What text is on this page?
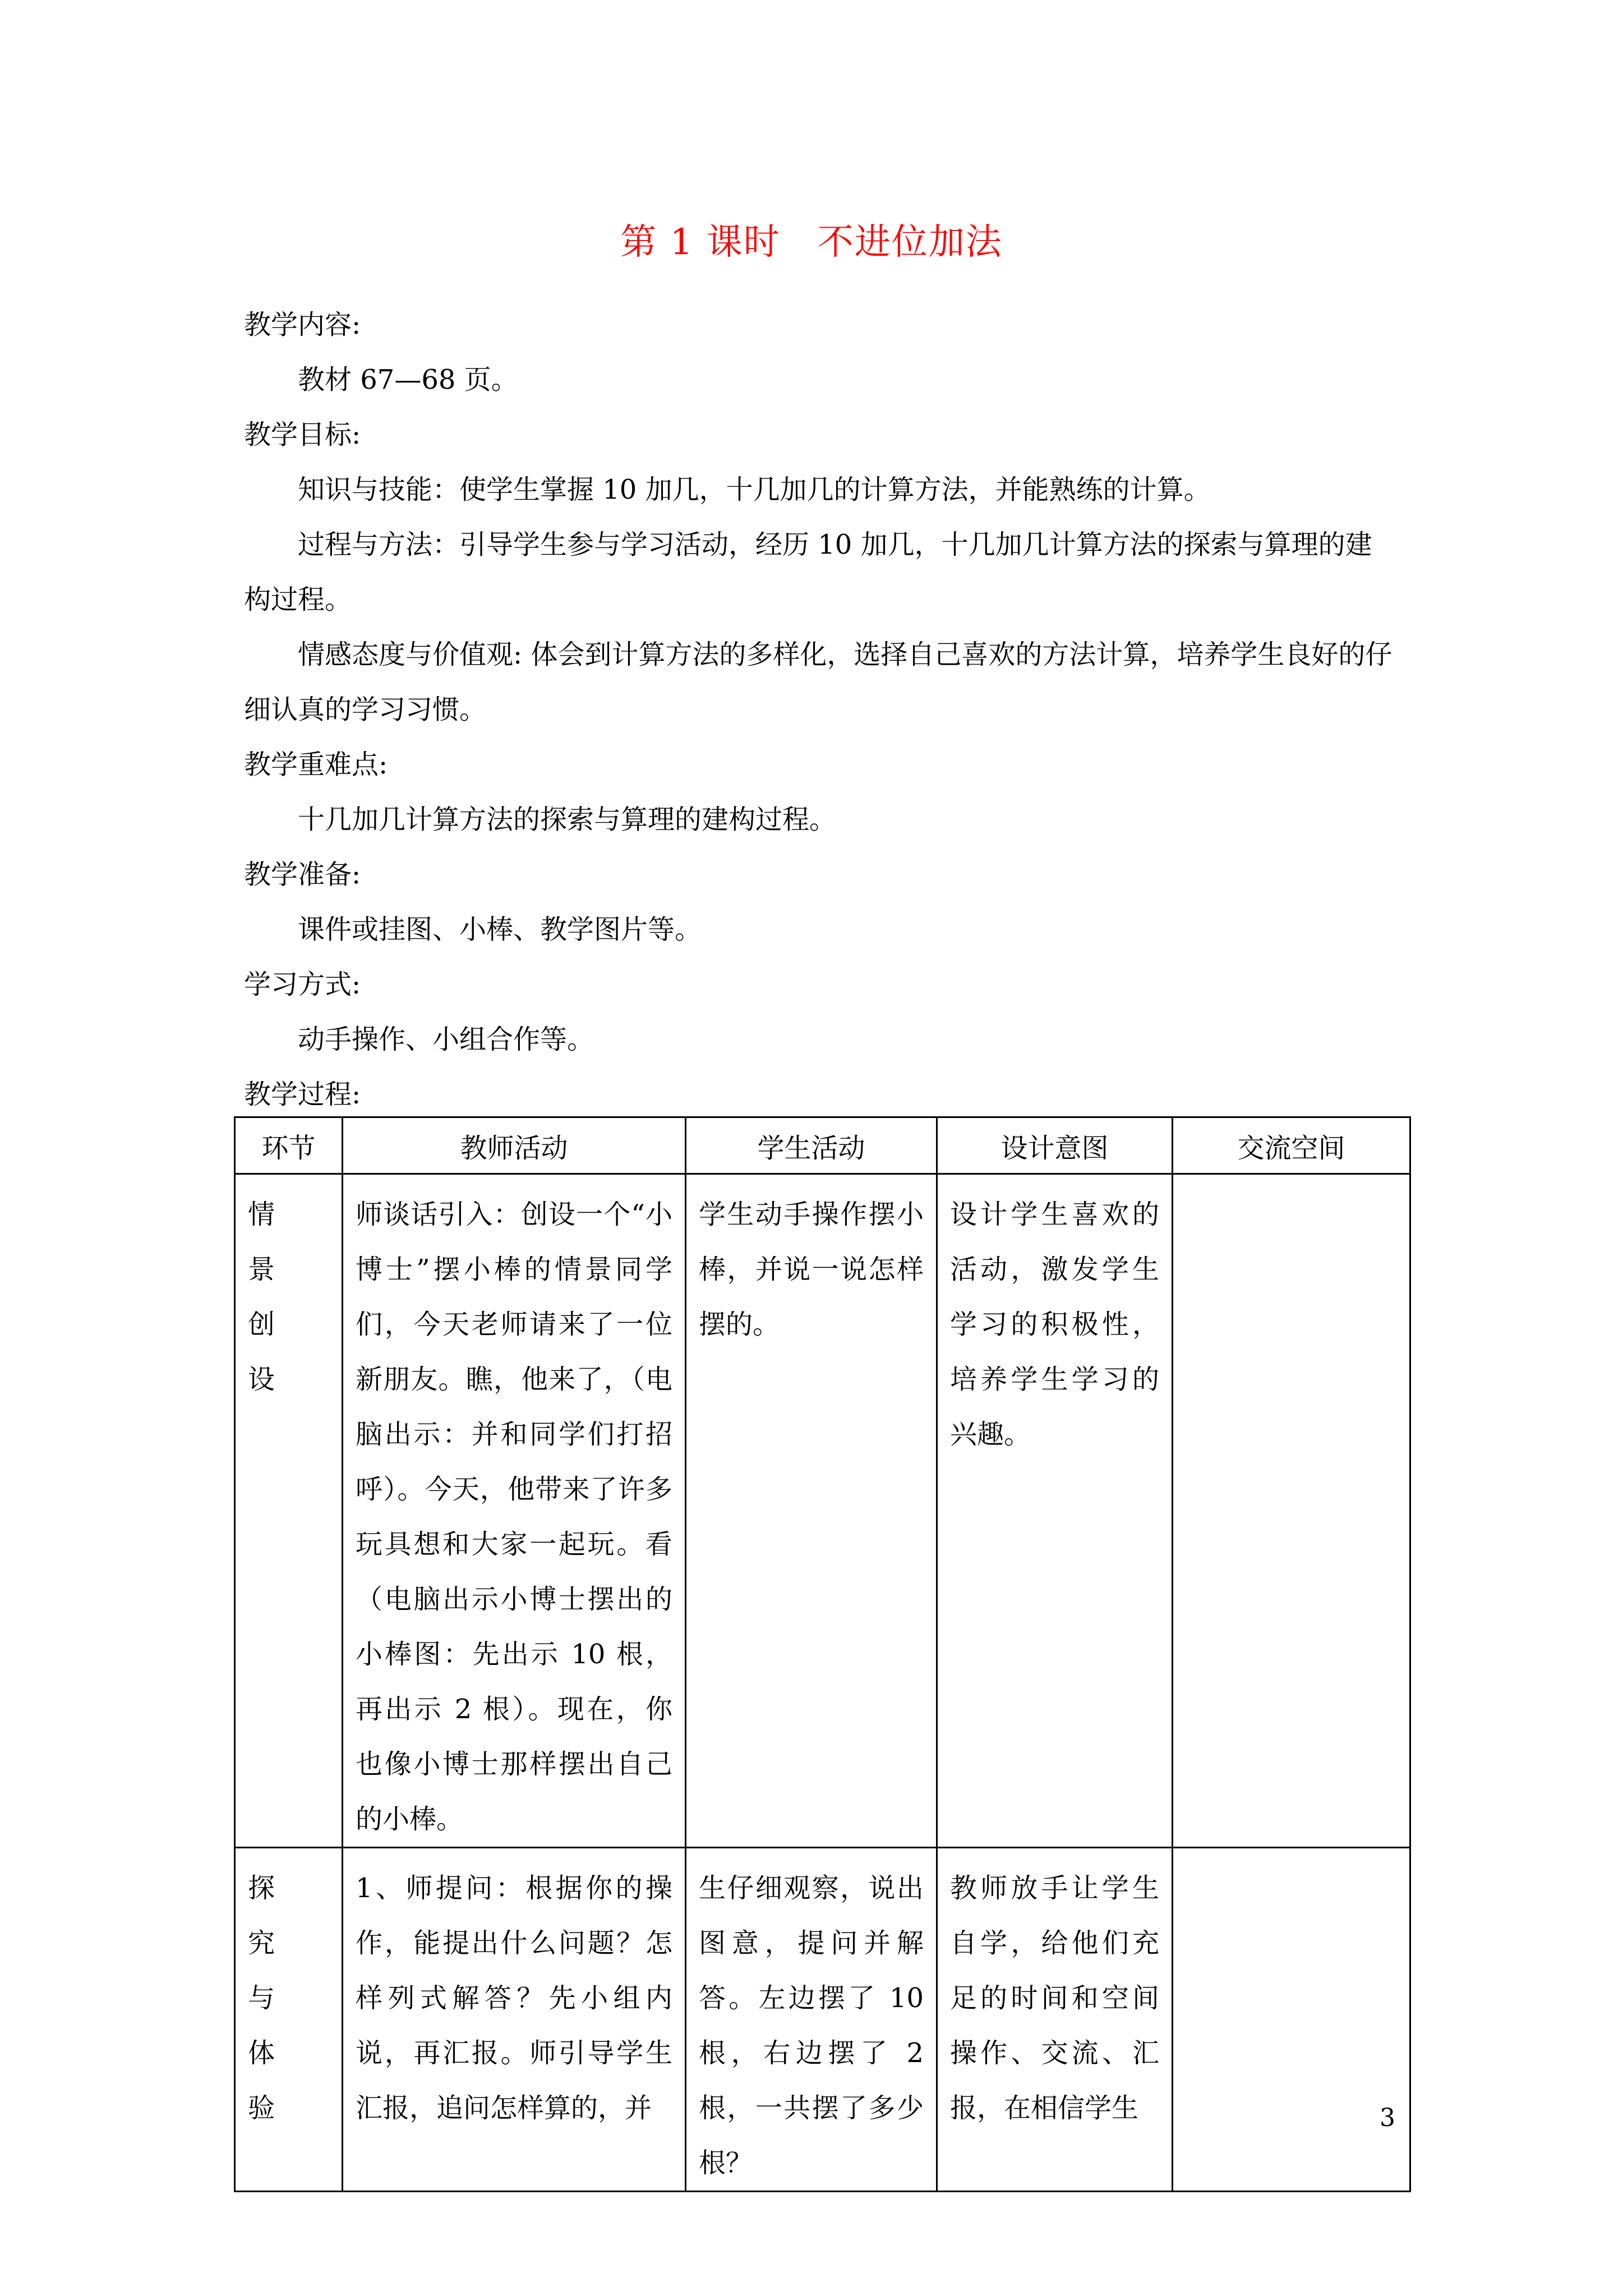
第 1 课时　不进位加法

教学内容:

教材 67—68 页。

教学目标:

知识与技能：使学生掌握 10 加几，十几加几的计算方法，并能熟练的计算。

过程与方法：引导学生参与学习活动，经历 10 加几，十几加几计算方法的探索与算理的建构过程。

情感态度与价值观: 体会到计算方法的多样化，选择自己喜欢的方法计算，培养学生良好的仔细认真的学习习惯。

教学重难点:

十几加几计算方法的探索与算理的建构过程。

教学准备:

课件或挂图、小棒、教学图片等。

学习方式:

动手操作、小组合作等。

教学过程:

环节	教师活动	学生活动	设计意图	交流空间

情
景
创
设	师谈话引入：创设一个“小博士”摆小棒的情景同学们，今天老师请来了一位新朋友。瞧，他来了，（电脑出示：并和同学们打招呼）。今天，他带来了许多玩具想和大家一起玩。看（电脑出示小博士摆出的小棒图：先出示 10 根，再出示 2 根）。现在，你也像小博士那样摆出自己的小棒。	学生动手操作摆小棒，并说一说怎样摆的。	设计学生喜欢的活动，激发学生学习的积极性，培养学生学习的兴趣。	

探
究
与
体
验	1、师提问：根据你的操作，能提出什么问题？怎样列式解答？先小组内说，再汇报。师引导学生汇报，追问怎样算的，并	生仔细观察，说出图意，提问并解答。左边摆了 10 根，右边摆了 2 根，一共摆了多少根？	教师放手让学生自学，给他们充足的时间和空间操作、交流、汇报，在相信学生		3
